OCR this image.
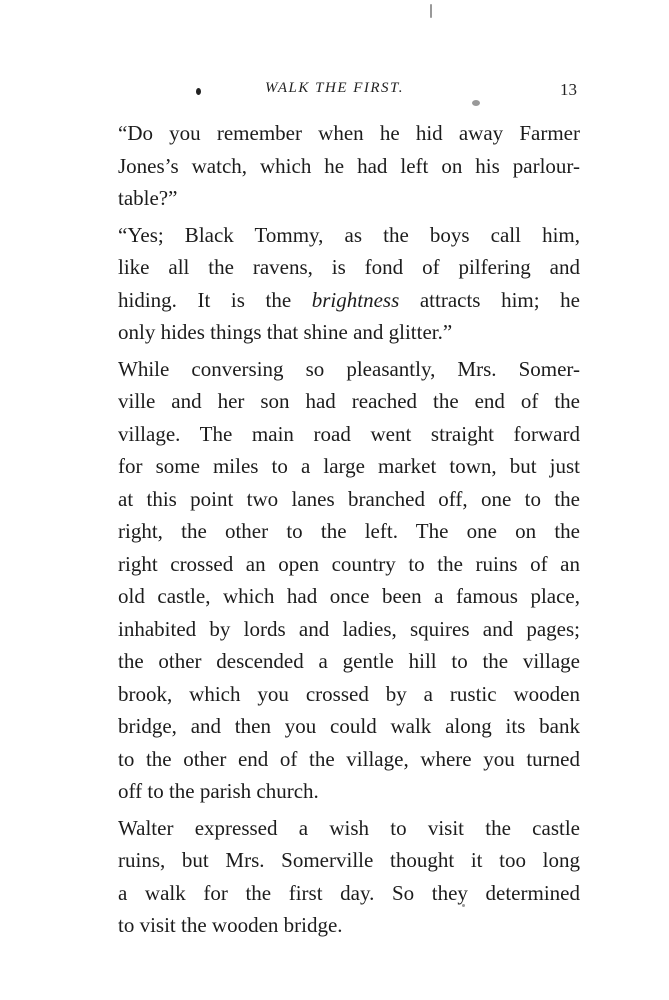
WALK THE FIRST.	13
“Do you remember when he hid away Farmer
Jones’s watch, which he had left on his parlour-
table?”
“Yes; Black Tommy, as the boys call him,
like all the ravens, is fond of pilfering and
hiding. It is the brightness attracts him; he
only hides things that shine and glitter.”
While conversing so pleasantly, Mrs. Somer-
ville and her son had reached the end of the
village. The main road went straight forward
for some miles to a large market town, but just
at this point two lanes branched off, one to the
right, the other to the left. The one on the
right crossed an open country to the ruins of an
old castle, which had once been a famous place,
inhabited by lords and ladies, squires and pages;
the other descended a gentle hill to the village
brook, which you crossed by a rustic wooden
bridge, and then you could walk along its bank
to the other end of the village, where you turned
off to the parish church.
Walter expressed a wish to visit the castle
ruins, but Mrs. Somerville thought it too long
a walk for the first day. So they determined
to visit the wooden bridge.
